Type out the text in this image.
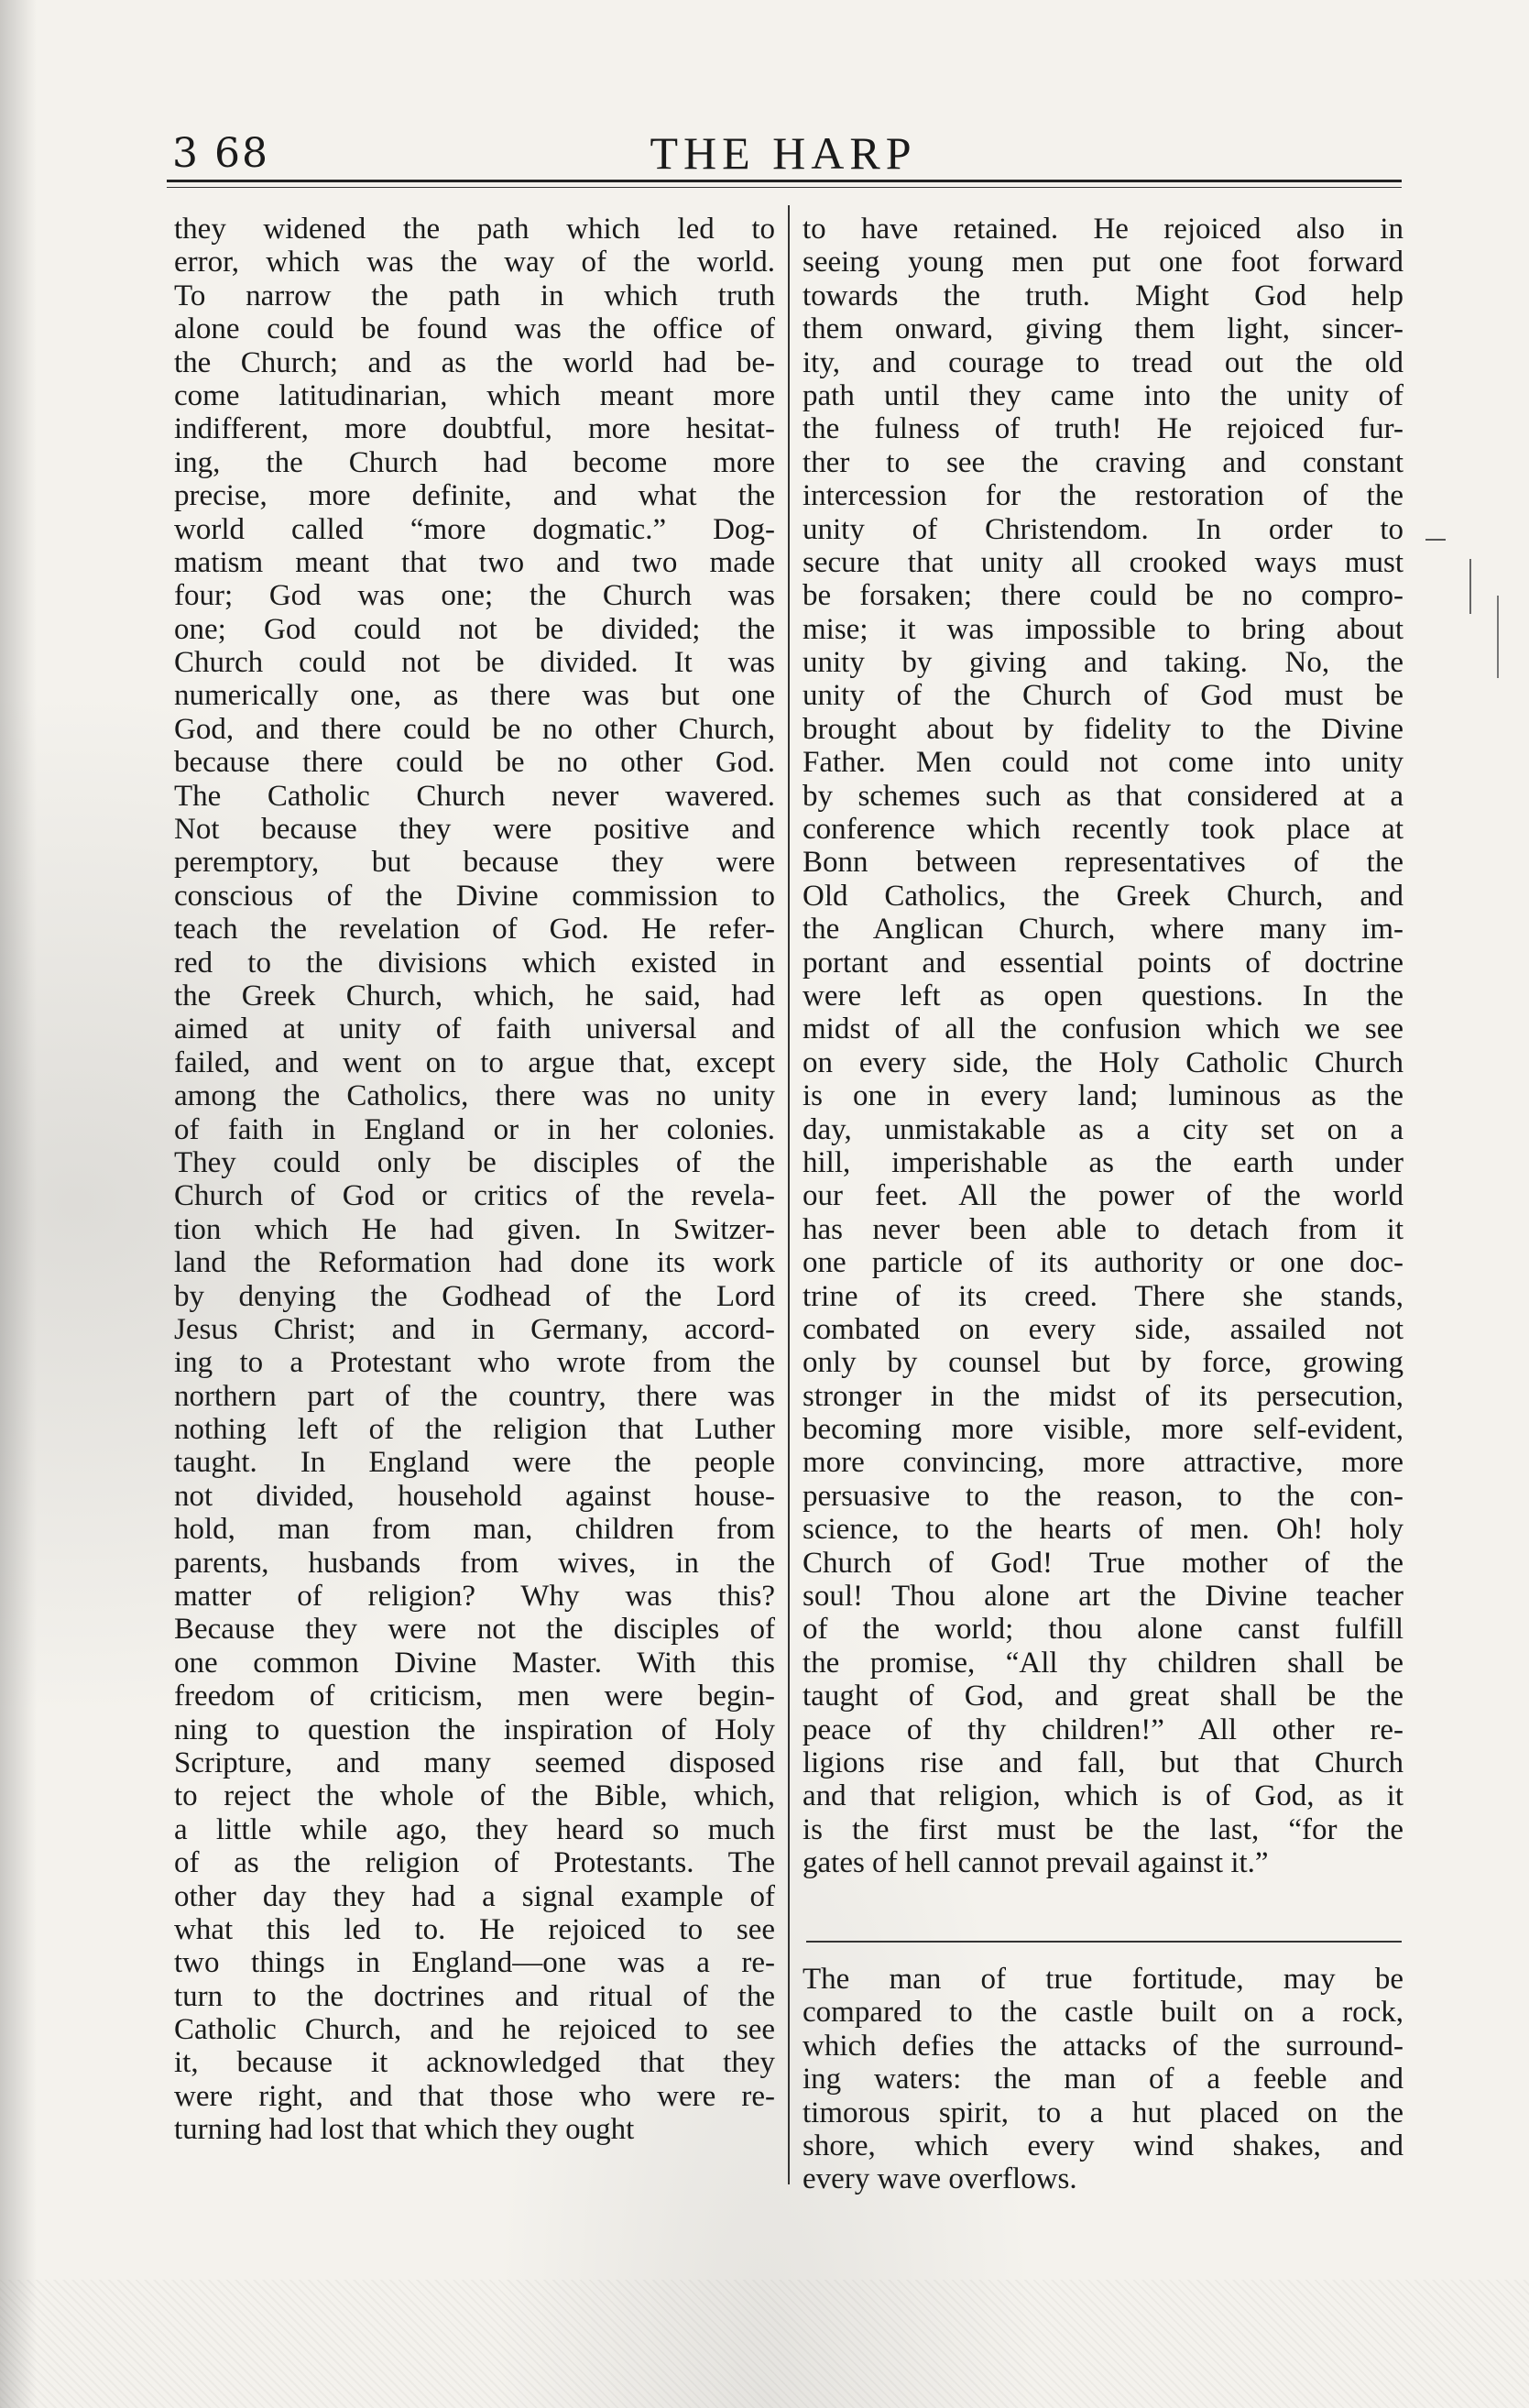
3 68	THE HARP
they widened the path which led to
error, which was the way of the world.
To narrow the path in which truth
alone could be found was the office of
the Church; and as the world had be-
come latitudinarian, which meant more
indifferent, more doubtful, more hesitat-
ing, the Church had become more
precise, more definite, and what the
world called “more dogmatic.” Dog-
matism meant that two and two made
four; God was one; the Church was
one; God could not be divided; the
Church could not be divided. It was
numerically one, as there was but one
God, and there could be no other Church,
because there could be no other God.
The Catholic Church never wavered.
Not because they were positive and
peremptory, but because they were
conscious of the Divine commission to
teach the revelation of God. He refer-
red to the divisions which existed in
the Greek Church, which, he said, had
aimed at unity of faith universal and
failed, and went on to argue that, except
among the Catholics, there was no unity
of faith in England or in her colonies.
They could only be disciples of the
Church of God or critics of the revela-
tion which He had given. In Switzer-
land the Reformation had done its work
by denying the Godhead of the Lord
Jesus Christ; and in Germany, accord-
ing to a Protestant who wrote from the
northern part of the country, there was
nothing left of the religion that Luther
taught. In England were the people
not divided, household against house-
hold, man from man, children from
parents, husbands from wives, in the
matter of religion? Why was this?
Because they were not the disciples of
one common Divine Master. With this
freedom of criticism, men were begin-
ning to question the inspiration of Holy
Scripture, and many seemed disposed
to reject the whole of the Bible, which,
a little while ago, they heard so much
of as the religion of Protestants. The
other day they had a signal example of
what this led to. He rejoiced to see
two things in England—one was a re-
turn to the doctrines and ritual of the
Catholic Church, and he rejoiced to see
it, because it acknowledged that they
were right, and that those who were re-
turning had lost that which they ought
to have retained. He rejoiced also in
seeing young men put one foot forward
towards the truth. Might God help
them onward, giving them light, sincer-
ity, and courage to tread out the old
path until they came into the unity of
the fulness of truth! He rejoiced fur-
ther to see the craving and constant
intercession for the restoration of the
unity of Christendom. In order to
secure that unity all crooked ways must
be forsaken; there could be no compro-
mise; it was impossible to bring about
unity by giving and taking. No, the
unity of the Church of God must be
brought about by fidelity to the Divine
Father. Men could not come into unity
by schemes such as that considered at a
conference which recently took place at
Bonn between representatives of the
Old Catholics, the Greek Church, and
the Anglican Church, where many im-
portant and essential points of doctrine
were left as open questions. In the
midst of all the confusion which we see
on every side, the Holy Catholic Church
is one in every land; luminous as the
day, unmistakable as a city set on a
hill, imperishable as the earth under
our feet. All the power of the world
has never been able to detach from it
one particle of its authority or one doc-
trine of its creed. There she stands,
combated on every side, assailed not
only by counsel but by force, growing
stronger in the midst of its persecution,
becoming more visible, more self-evident,
more convincing, more attractive, more
persuasive to the reason, to the con-
science, to the hearts of men. Oh! holy
Church of God! True mother of the
soul! Thou alone art the Divine teacher
of the world; thou alone canst fulfill
the promise, “All thy children shall be
taught of God, and great shall be the
peace of thy children!” All other re-
ligions rise and fall, but that Church
and that religion, which is of God, as it
is the first must be the last, “for the
gates of hell cannot prevail against it.”
The man of true fortitude, may be
compared to the castle built on a rock,
which defies the attacks of the surround-
ing waters: the man of a feeble and
timorous spirit, to a hut placed on the
shore, which every wind shakes, and
every wave overflows.
